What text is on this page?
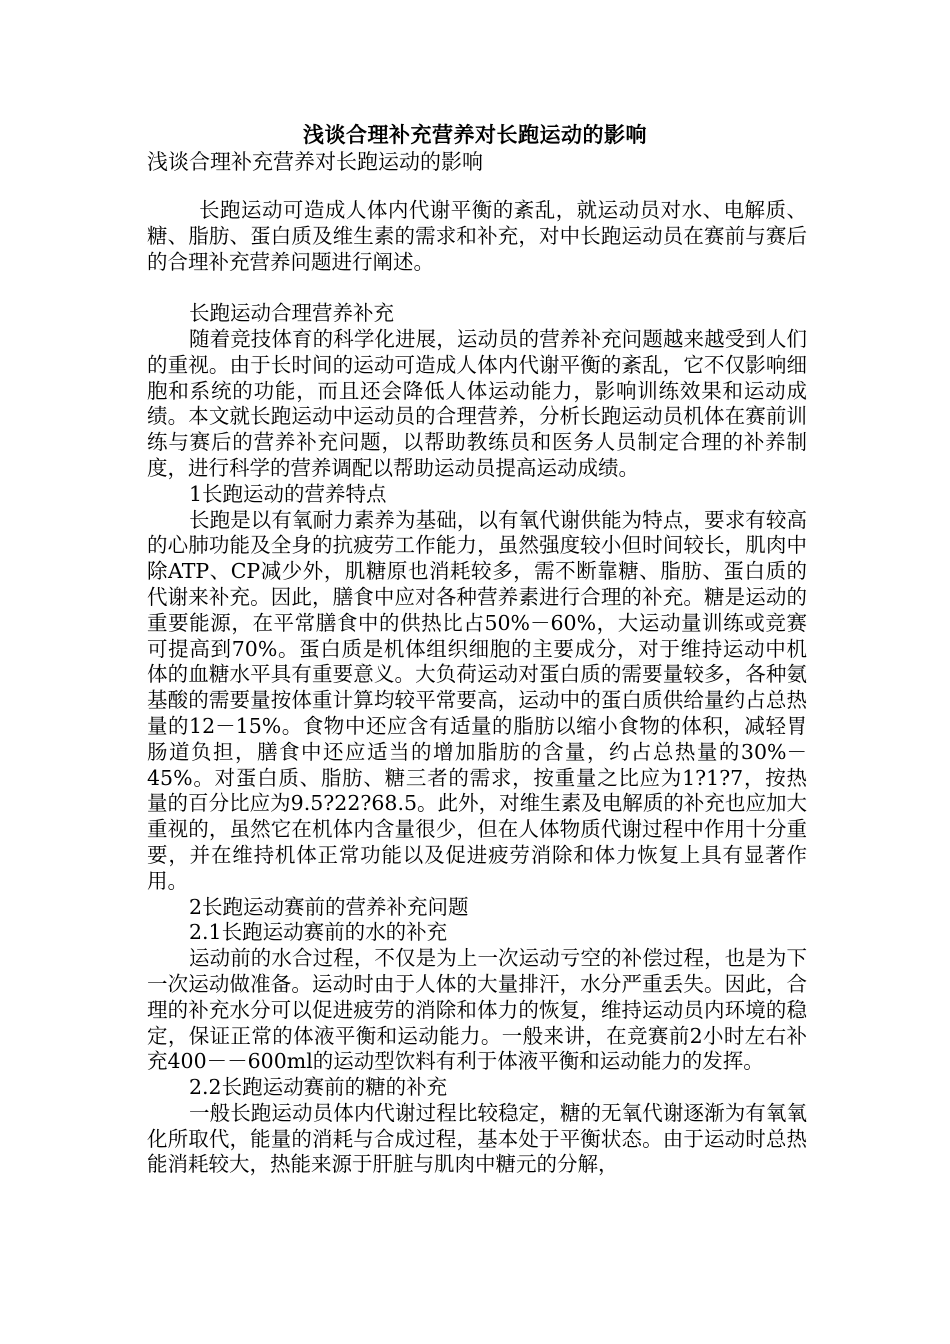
浅谈合理补充营养对长跑运动的影响
浅谈合理补充营养对长跑运动的影响

长跑运动可造成人体内代谢平衡的紊乱，就运动员对水、电解质、糖、脂肪、蛋白质及维生素的需求和补充，对中长跑运动员在赛前与赛后的合理补充营养问题进行阐述。

长跑运动合理营养补充

随着竞技体育的科学化进展，运动员的营养补充问题越来越受到人们的重视。由于长时间的运动可造成人体内代谢平衡的紊乱，它不仅影响细胞和系统的功能，而且还会降低人体运动能力，影响训练效果和运动成绩。本文就长跑运动中运动员的合理营养，分析长跑运动员机体在赛前训练与赛后的营养补充问题，以帮助教练员和医务人员制定合理的补养制度，进行科学的营养调配以帮助运动员提高运动成绩。

1长跑运动的营养特点

长跑是以有氧耐力素养为基础，以有氧代谢供能为特点，要求有较高的心肺功能及全身的抗疲劳工作能力，虽然强度较小但时间较长，肌肉中除ATP、CP减少外，肌糖原也消耗较多，需不断靠糖、脂肪、蛋白质的代谢来补充。因此，膳食中应对各种营养素进行合理的补充。糖是运动的重要能源，在平常膳食中的供热比占50%－60%，大运动量训练或竞赛可提高到70%。蛋白质是机体组织细胞的主要成分，对于维持运动中机体的血糖水平具有重要意义。大负荷运动对蛋白质的需要量较多，各种氨基酸的需要量按体重计算均较平常要高，运动中的蛋白质供给量约占总热量的12－15%。食物中还应含有适量的脂肪以缩小食物的体积，减轻胃肠道负担，膳食中还应适当的增加脂肪的含量，约占总热量的30%－45%。对蛋白质、脂肪、糖三者的需求，按重量之比应为1?1?7，按热量的百分比应为9.5?22?68.5。此外，对维生素及电解质的补充也应加大重视的，虽然它在机体内含量很少，但在人体物质代谢过程中作用十分重要，并在维持机体正常功能以及促进疲劳消除和体力恢复上具有显著作用。

2长跑运动赛前的营养补充问题

2.1长跑运动赛前的水的补充

运动前的水合过程，不仅是为上一次运动亏空的补偿过程，也是为下一次运动做准备。运动时由于人体的大量排汗，水分严重丢失。因此，合理的补充水分可以促进疲劳的消除和体力的恢复，维持运动员内环境的稳定，保证正常的体液平衡和运动能力。一般来讲，在竞赛前2小时左右补充400－－600ml的运动型饮料有利于体液平衡和运动能力的发挥。

2.2长跑运动赛前的糖的补充

一般长跑运动员体内代谢过程比较稳定，糖的无氧代谢逐渐为有氧氧化所取代，能量的消耗与合成过程，基本处于平衡状态。由于运动时总热能消耗较大，热能来源于肝脏与肌肉中糖元的分解，
